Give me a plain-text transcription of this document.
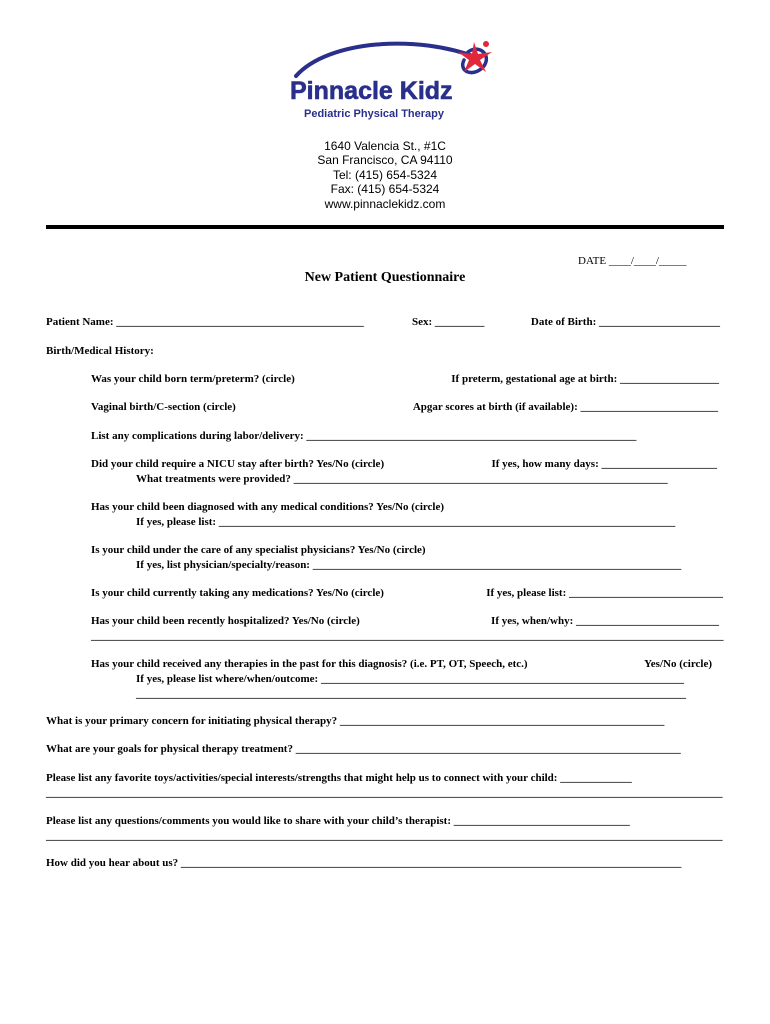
Pinnacle Kidz
Pediatric Physical Therapy
1640 Valencia St., #1C
San Francisco, CA 94110
Tel: (415) 654-5324
Fax: (415) 654-5324
www.pinnaclekidz.com
DATE ____/____/_____
New Patient Questionnaire
Patient Name: _____________________________________________	Sex: _________	Date of Birth: ______________________
Birth/Medical History:
Was your child born term/preterm? (circle)	If preterm, gestational age at birth: __________________
Vaginal birth/C-section (circle)	Apgar scores at birth (if available): _________________________
List any complications during labor/delivery: ____________________________________________________________
Did your child require a NICU stay after birth? Yes/No (circle)	If yes, how many days: _____________________
What treatments were provided? ____________________________________________________________________
Has your child been diagnosed with any medical conditions? Yes/No (circle)
If yes, please list: ___________________________________________________________________________________
Is your child under the care of any specialist physicians? Yes/No (circle)
If yes, list physician/specialty/reason: ___________________________________________________________________
Is your child currently taking any medications? Yes/No (circle)	If yes, please list: ____________________________
Has your child been recently hospitalized? Yes/No (circle)	If yes, when/why: __________________________
___________________________________________________________________________________________________________________
Has your child received any therapies in the past for this diagnosis? (i.e. PT, OT, Speech, etc.)	Yes/No (circle)
If yes, please list where/when/outcome: __________________________________________________________________
____________________________________________________________________________________________________
What is your primary concern for initiating physical therapy? ___________________________________________________________
What are your goals for physical therapy treatment? ______________________________________________________________________
Please list any favorite toys/activities/special interests/strengths that might help us to connect with your child: _____________
___________________________________________________________________________________________________________________________
Please list any questions/comments you would like to share with your child’s therapist: ________________________________
___________________________________________________________________________________________________________________________
How did you hear about us? ___________________________________________________________________________________________
